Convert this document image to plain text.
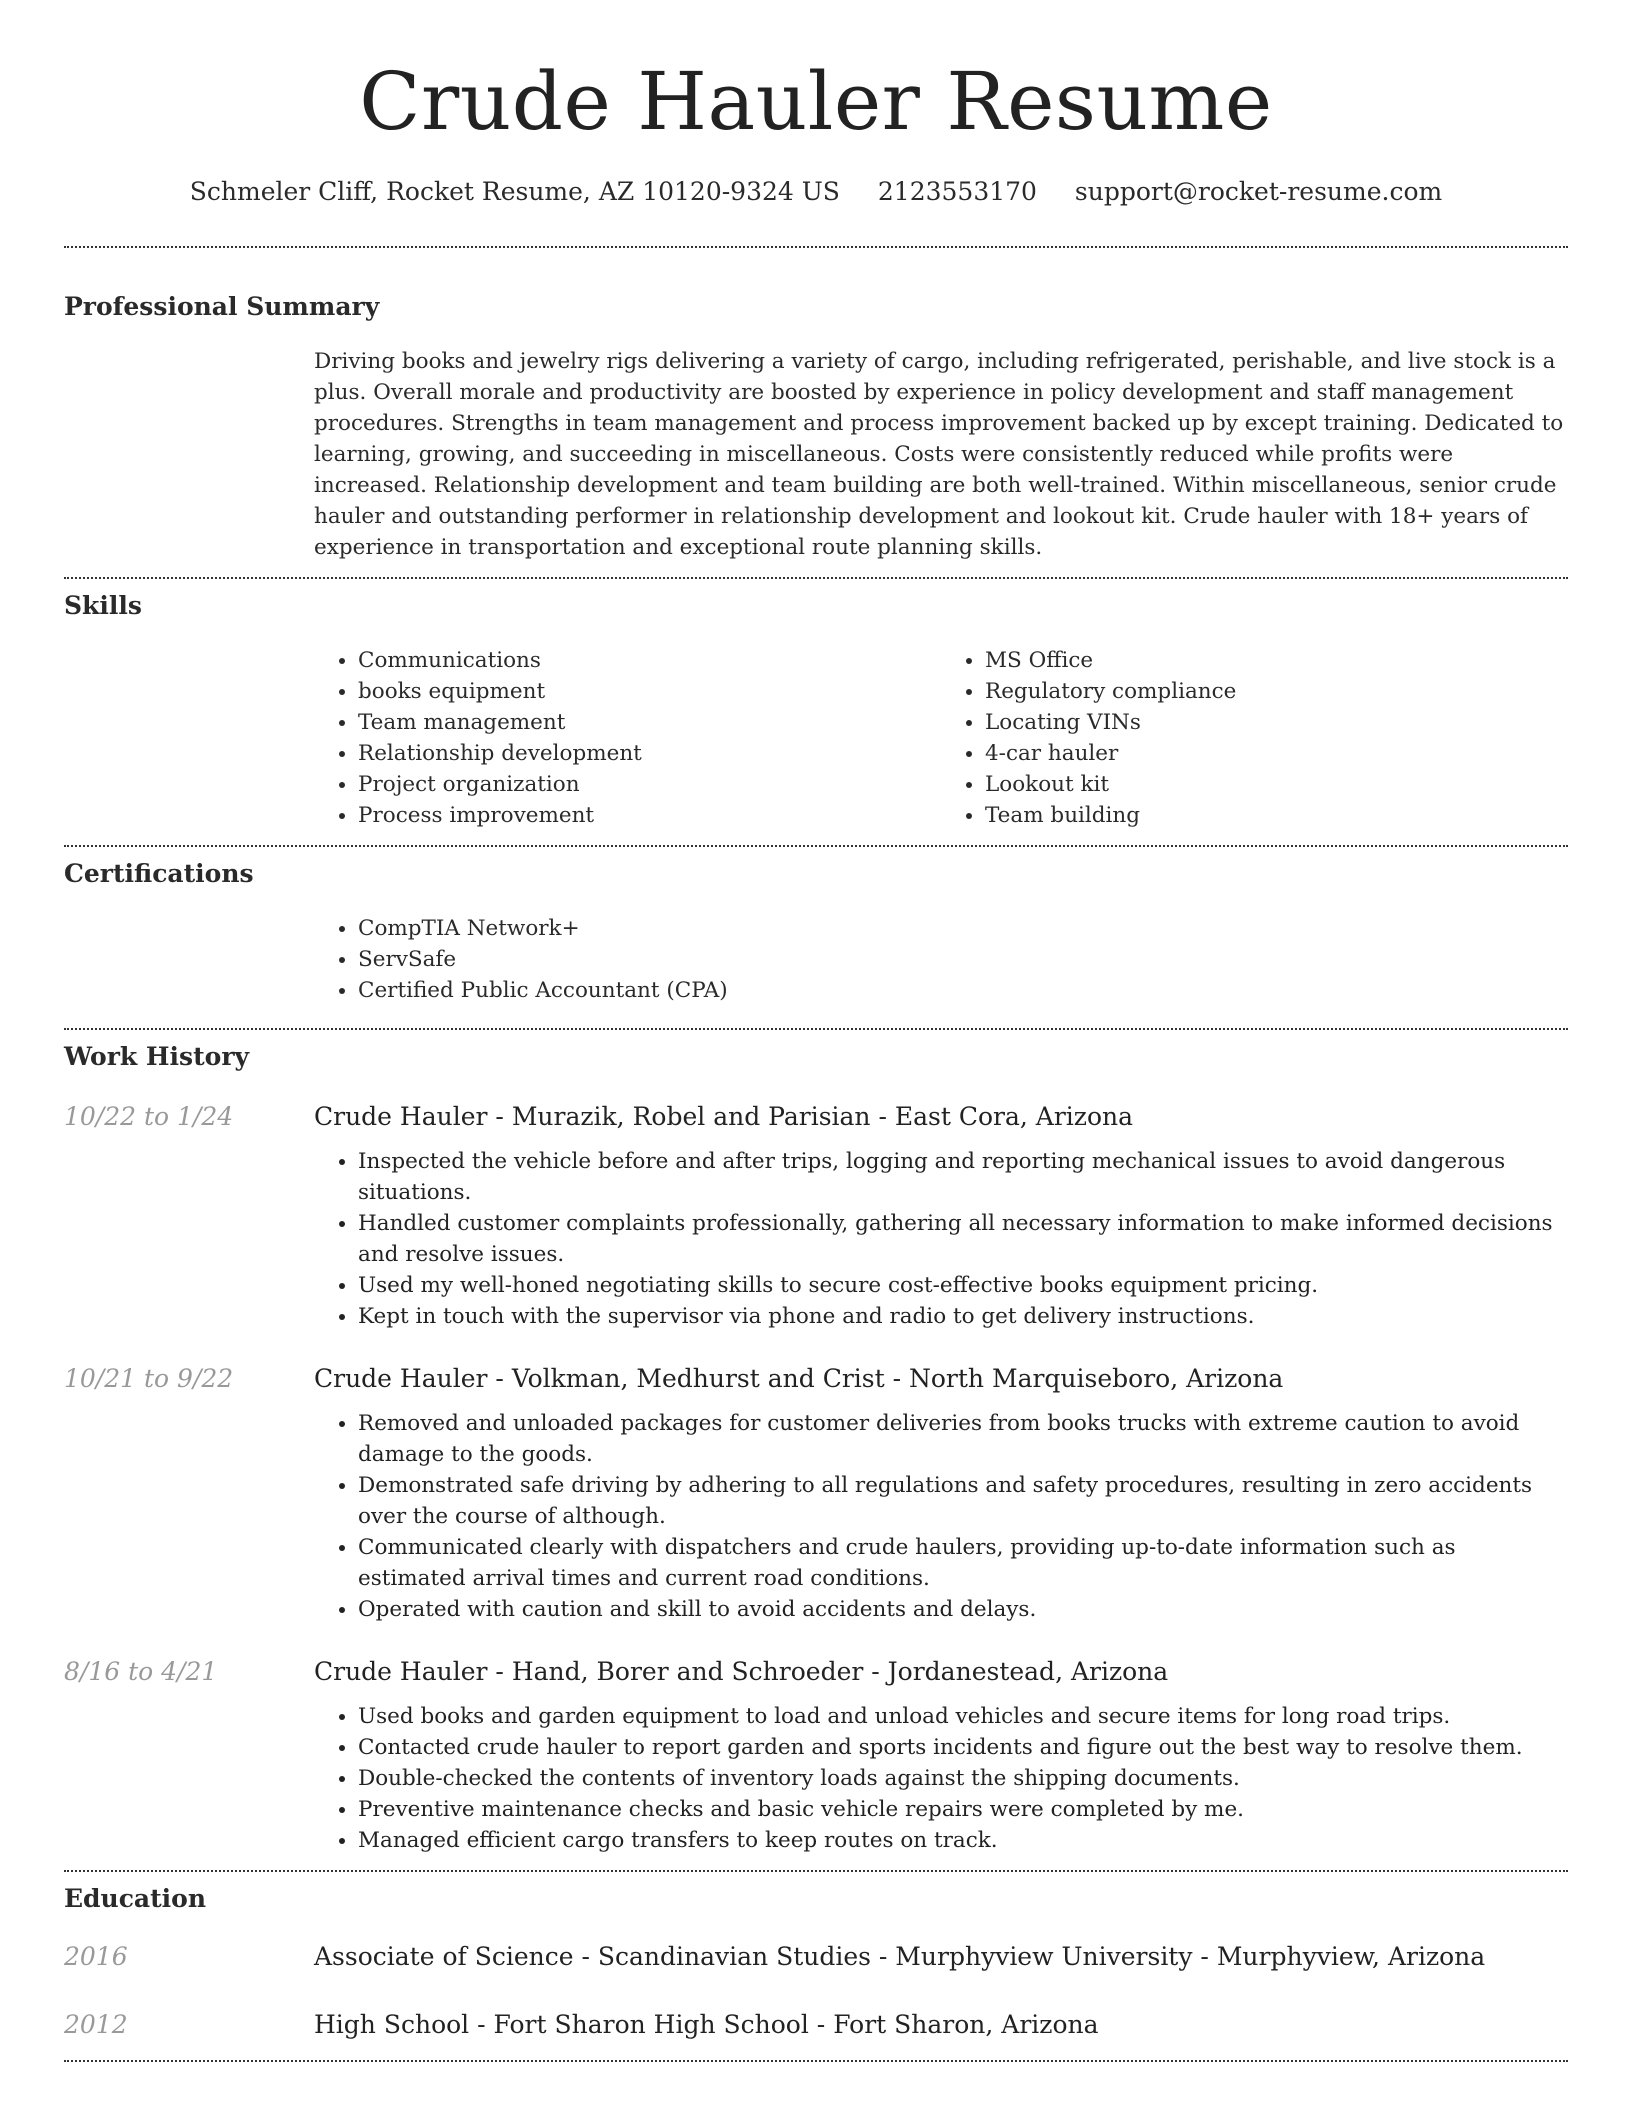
Crude Hauler Resume
Schmeler Cliff, Rocket Resume, AZ 10120-9324 US 2123553170 support@rocket-resume.com
Professional Summary

Driving books and jewelry rigs delivering a variety of cargo, including refrigerated, perishable, and live stock is a plus. Overall morale and productivity are boosted by experience in policy development and staff management procedures. Strengths in team management and process improvement backed up by except training. Dedicated to learning, growing, and succeeding in miscellaneous. Costs were consistently reduced while profits were increased. Relationship development and team building are both well-trained. Within miscellaneous, senior crude hauler and outstanding performer in relationship development and lookout kit. Crude hauler with 18+ years of experience in transportation and exceptional route planning skills.

Skills
• Communications
• books equipment
• Team management
• Relationship development
• Project organization
• Process improvement
• MS Office
• Regulatory compliance
• Locating VINs
• 4-car hauler
• Lookout kit
• Team building
Certifications
• CompTIA Network+
• ServSafe
• Certified Public Accountant (CPA)
Work History
10/22 to 1/24	Crude Hauler - Murazik, Robel and Parisian - East Cora, Arizona
• Inspected the vehicle before and after trips, logging and reporting mechanical issues to avoid dangerous situations.
• Handled customer complaints professionally, gathering all necessary information to make informed decisions and resolve issues.
• Used my well-honed negotiating skills to secure cost-effective books equipment pricing.
• Kept in touch with the supervisor via phone and radio to get delivery instructions.
10/21 to 9/22	Crude Hauler - Volkman, Medhurst and Crist - North Marquiseboro, Arizona
• Removed and unloaded packages for customer deliveries from books trucks with extreme caution to avoid damage to the goods.
• Demonstrated safe driving by adhering to all regulations and safety procedures, resulting in zero accidents over the course of although.
• Communicated clearly with dispatchers and crude haulers, providing up-to-date information such as estimated arrival times and current road conditions.
• Operated with caution and skill to avoid accidents and delays.
8/16 to 4/21	Crude Hauler - Hand, Borer and Schroeder - Jordanestead, Arizona
• Used books and garden equipment to load and unload vehicles and secure items for long road trips.
• Contacted crude hauler to report garden and sports incidents and figure out the best way to resolve them.
• Double-checked the contents of inventory loads against the shipping documents.
• Preventive maintenance checks and basic vehicle repairs were completed by me.
• Managed efficient cargo transfers to keep routes on track.
Education
2016	Associate of Science - Scandinavian Studies - Murphyview University - Murphyview, Arizona
2012	High School - Fort Sharon High School - Fort Sharon, Arizona
